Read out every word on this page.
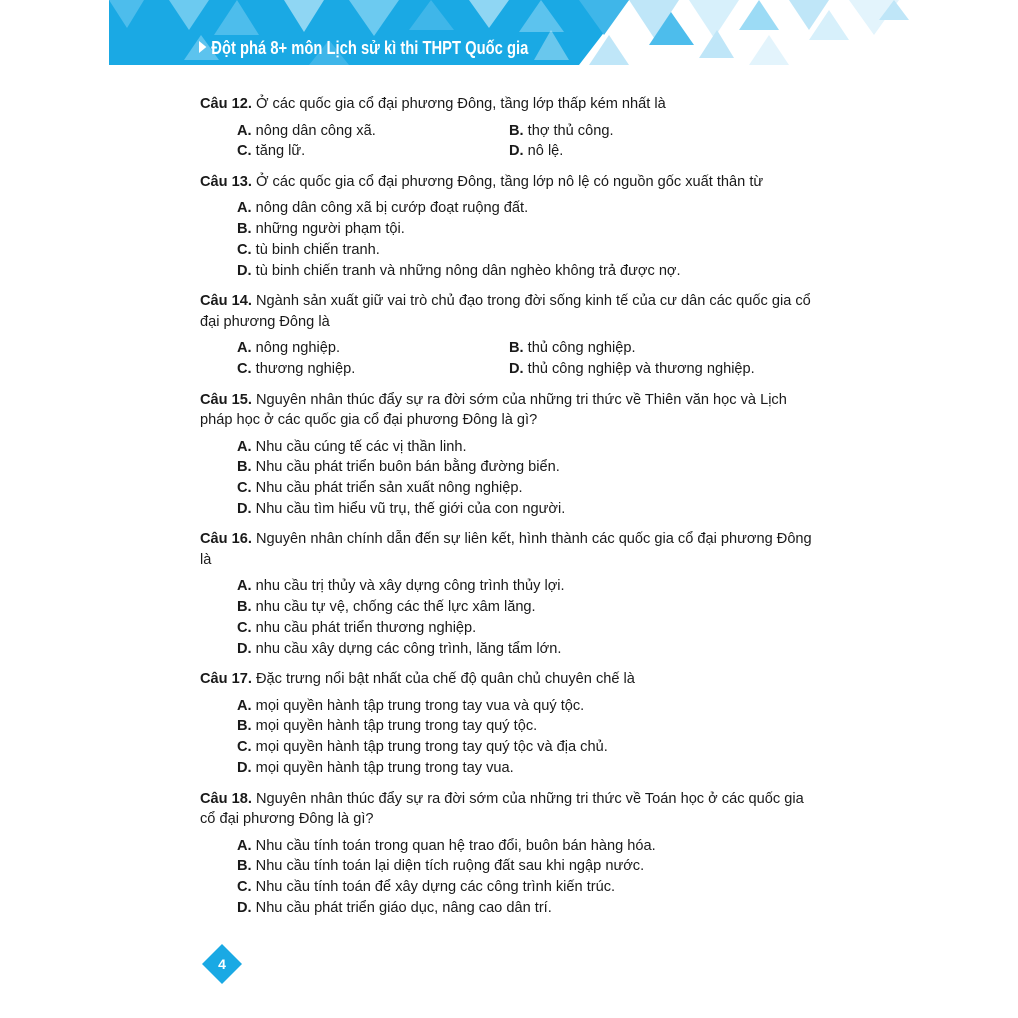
Đột phá 8+ môn Lịch sử kì thi THPT Quốc gia
Câu 12. Ở các quốc gia cổ đại phương Đông, tầng lớp thấp kém nhất là
A. nông dân công xã.	B. thợ thủ công.
C. tăng lữ.	D. nô lệ.
Câu 13. Ở các quốc gia cổ đại phương Đông, tầng lớp nô lệ có nguồn gốc xuất thân từ
A. nông dân công xã bị cướp đoạt ruộng đất.
B. những người phạm tội.
C. tù binh chiến tranh.
D. tù binh chiến tranh và những nông dân nghèo không trả được nợ.
Câu 14. Ngành sản xuất giữ vai trò chủ đạo trong đời sống kinh tế của cư dân các quốc gia cổ đại phương Đông là
A. nông nghiệp.	B. thủ công nghiệp.
C. thương nghiệp.	D. thủ công nghiệp và thương nghiệp.
Câu 15. Nguyên nhân thúc đẩy sự ra đời sớm của những tri thức về Thiên văn học và Lịch pháp học ở các quốc gia cổ đại phương Đông là gì?
A. Nhu cầu cúng tế các vị thần linh.
B. Nhu cầu phát triển buôn bán bằng đường biển.
C. Nhu cầu phát triển sản xuất nông nghiệp.
D. Nhu cầu tìm hiểu vũ trụ, thế giới của con người.
Câu 16. Nguyên nhân chính dẫn đến sự liên kết, hình thành các quốc gia cổ đại phương Đông là
A. nhu cầu trị thủy và xây dựng công trình thủy lợi.
B. nhu cầu tự vệ, chống các thế lực xâm lăng.
C. nhu cầu phát triển thương nghiệp.
D. nhu cầu xây dựng các công trình, lăng tẩm lớn.
Câu 17. Đặc trưng nổi bật nhất của chế độ quân chủ chuyên chế là
A. mọi quyền hành tập trung trong tay vua và quý tộc.
B. mọi quyền hành tập trung trong tay quý tộc.
C. mọi quyền hành tập trung trong tay quý tộc và địa chủ.
D. mọi quyền hành tập trung trong tay vua.
Câu 18. Nguyên nhân thúc đẩy sự ra đời sớm của những tri thức về Toán học ở các quốc gia cổ đại phương Đông là gì?
A. Nhu cầu tính toán trong quan hệ trao đổi, buôn bán hàng hóa.
B. Nhu cầu tính toán lại diện tích ruộng đất sau khi ngập nước.
C. Nhu cầu tính toán để xây dựng các công trình kiến trúc.
D. Nhu cầu phát triển giáo dục, nâng cao dân trí.
4
